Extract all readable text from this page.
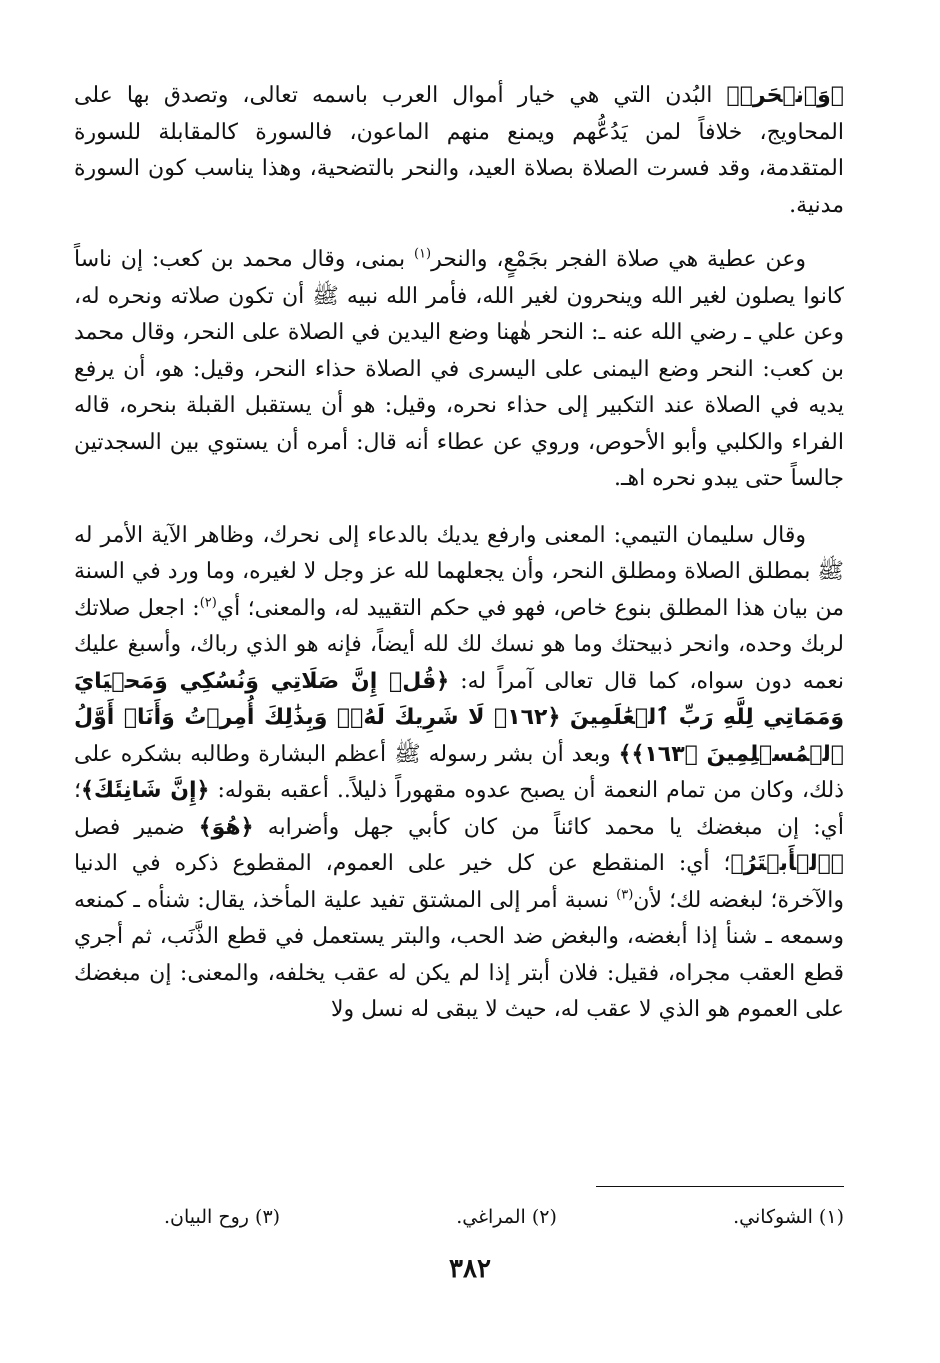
﴿وَٱنۡحَرۡ﴾ البُدن التي هي خيار أموال العرب باسمه تعالى، وتصدق بها على المحاويج، خلافاً لمن يَدُعُّهم ويمنع منهم الماعون، فالسورة كالمقابلة للسورة المتقدمة، وقد فسرت الصلاة بصلاة العيد، والنحر بالتضحية، وهذا يناسب كون السورة مدنية.

وعن عطية هي صلاة الفجر بجَمْعٍ، والنحر$^{(١)}$ بمنى، وقال محمد بن كعب: إن ناساً كانوا يصلون لغير الله وينحرون لغير الله، فأمر الله نبيه ﷺ أن تكون صلاته ونحره له، وعن علي ـ رضي الله عنه ـ: النحر هٰهنا وضع اليدين في الصلاة على النحر، وقال محمد بن كعب: النحر وضع اليمنى على اليسرى في الصلاة حذاء النحر، وقيل: هو، أن يرفع يديه في الصلاة عند التكبير إلى حذاء نحره، وقيل: هو أن يستقبل القبلة بنحره، قاله الفراء والكلبي وأبو الأحوص، وروي عن عطاء أنه قال: أمره أن يستوي بين السجدتين جالساً حتى يبدو نحره اهـ.

وقال سليمان التيمي: المعنى وارفع يديك بالدعاء إلى نحرك، وظاهر الآية الأمر له ﷺ بمطلق الصلاة ومطلق النحر، وأن يجعلهما لله عز وجل لا لغيره، وما ورد في السنة من بيان هذا المطلق بنوع خاص، فهو في حكم التقييد له، والمعنى؛ أي$^{(٢)}$: اجعل صلاتك لربك وحده، وانحر ذبيحتك وما هو نسك لك لله أيضاً، فإنه هو الذي رباك، وأسبغ عليك نعمه دون سواه، كما قال تعالى آمراً له: ﴿قُلۡ إِنَّ صَلَاتِي وَنُسُكِي وَمَحۡيَايَ وَمَمَاتِي لِلَّهِ رَبِّ ٱلۡعَٰلَمِينَ ﴿١٦٢﴾ لَا شَرِيكَ لَهُۥۖ وَبِذَٰلِكَ أُمِرۡتُ وَأَنَا۠ أَوَّلُ ٱلۡمُسۡلِمِينَ ﴿١٦٣﴾﴾ وبعد أن بشر رسوله ﷺ أعظم البشارة وطالبه بشكره على ذلك، وكان من تمام النعمة أن يصبح عدوه مقهوراً ذليلاً.. أعقبه بقوله: ﴿إِنَّ شَانِئَكَ﴾؛ أي: إن مبغضك يا محمد كائناً من كان كأبي جهل وأضرابه ﴿هُوَ﴾ ضمير فصل ﴿ٱلۡأَبۡتَرُ﴾؛ أي: المنقطع عن كل خير على العموم، المقطوع ذكره في الدنيا والآخرة؛ لبغضه لك؛ لأن$^{(٣)}$ نسبة أمر إلى المشتق تفيد علية المأخذ، يقال: شنأه ـ كمنعه وسمعه ـ شنأ إذا أبغضه، والبغض ضد الحب، والبتر يستعمل في قطع الذَّنَب، ثم أجري قطع العقب مجراه، فقيل: فلان أبتر إذا لم يكن له عقب يخلفه، والمعنى: إن مبغضك على العموم هو الذي لا عقب له، حيث لا يبقى له نسل ولا

(١) الشوكاني.
(٢) المراغي.
(٣) روح البيان.
٣٨٢
